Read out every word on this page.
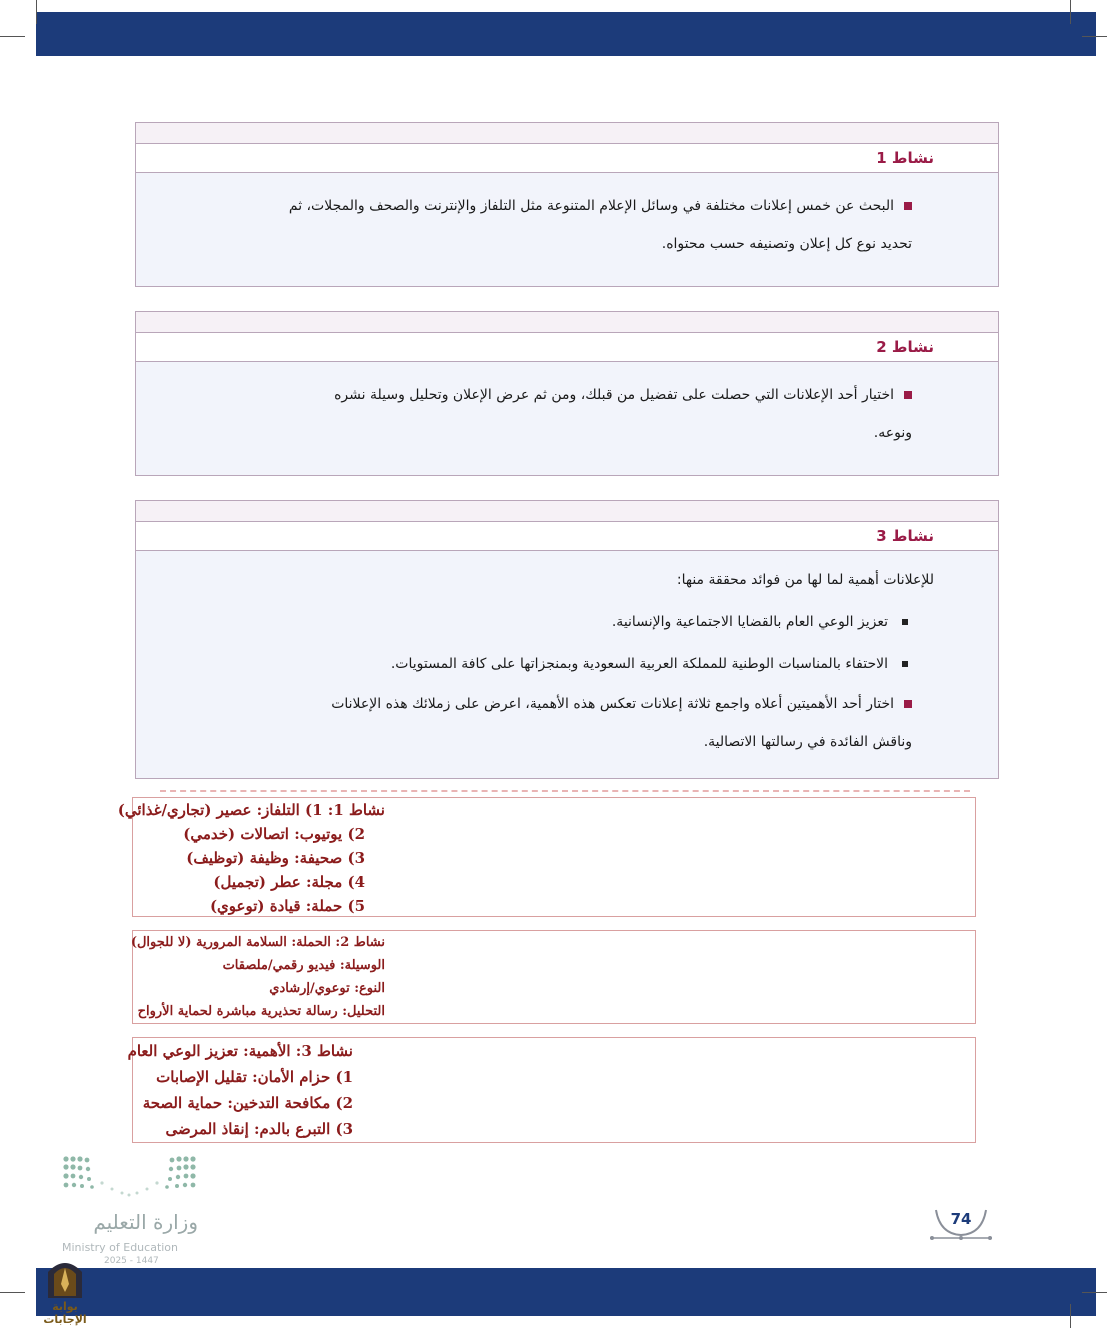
نشاط 1
البحث عن خمس إعلانات مختلفة في وسائل الإعلام المتنوعة مثل التلفاز والإنترنت والصحف والمجلات، ثم
تحديد نوع كل إعلان وتصنيفه حسب محتواه.
نشاط 2
اختيار أحد الإعلانات التي حصلت على تفضيل من قبلك، ومن ثم عرض الإعلان وتحليل وسيلة نشره
ونوعه.
نشاط 3
للإعلانات أهمية لما لها من فوائد محققة منها:
تعزيز الوعي العام بالقضايا الاجتماعية والإنسانية.
الاحتفاء بالمناسبات الوطنية للمملكة العربية السعودية وبمنجزاتها على كافة المستويات.
اختار أحد الأهميتين أعلاه واجمع ثلاثة إعلانات تعكس هذه الأهمية، اعرض على زملائك هذه الإعلانات
وناقش الفائدة في رسالتها الاتصالية.
نشاط 1: 1) التلفاز: عصير (تجاري/غذائي)
2) يوتيوب: اتصالات (خدمي)
3) صحيفة: وظيفة (توظيف)
4) مجلة: عطر (تجميل)
5) حملة: قيادة (توعوي)
نشاط 2: الحملة: السلامة المرورية (لا للجوال)
الوسيلة: فيديو رقمي/ملصقات
النوع: توعوي/إرشادي
التحليل: رسالة تحذيرية مباشرة لحماية الأرواح
نشاط 3: الأهمية: تعزيز الوعي العام
1) حزام الأمان: تقليل الإصابات
2) مكافحة التدخين: حماية الصحة
3) التبرع بالدم: إنقاذ المرضى
وزارة التعليم
Ministry of Education
2025 - 1447
بوابة الإجابات
74
